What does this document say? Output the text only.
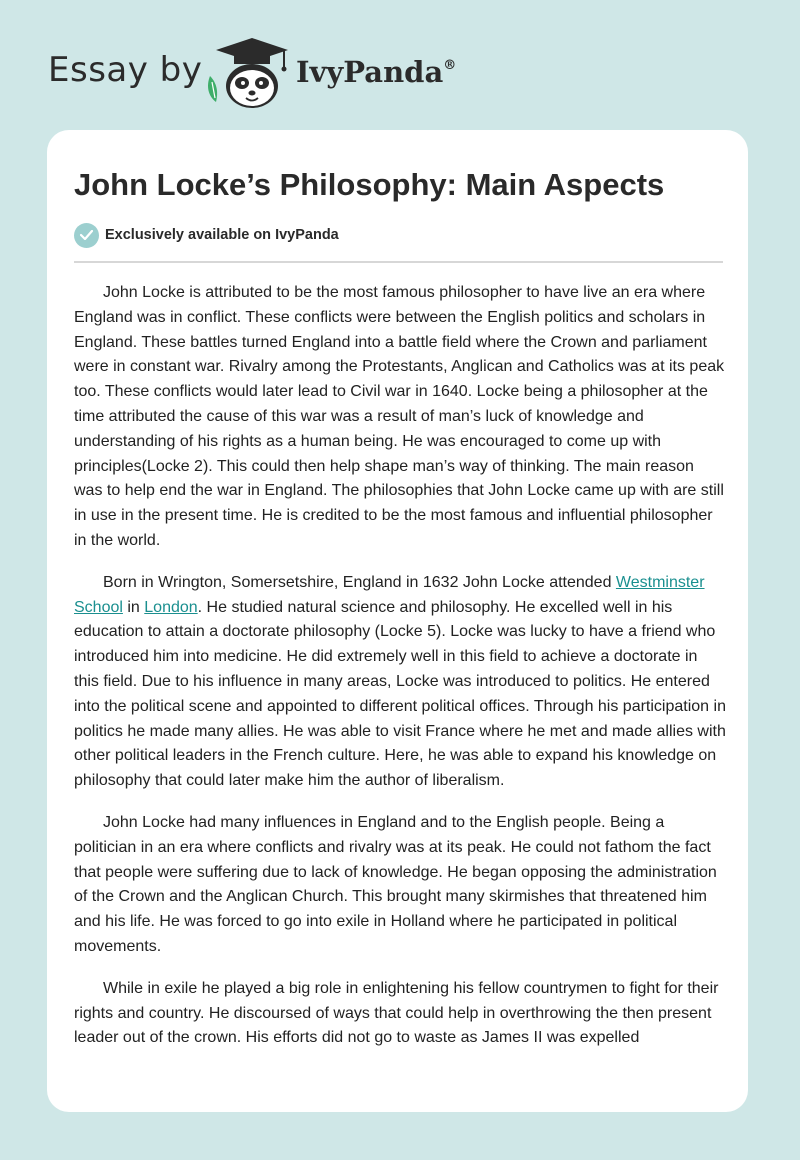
Essay by	IvyPanda®
John Locke’s Philosophy: Main Aspects
Exclusively available on IvyPanda

John Locke is attributed to be the most famous philosopher to have live an era where England was in conflict. These conflicts were between the English politics and scholars in England. These battles turned England into a battle field where the Crown and parliament were in constant war. Rivalry among the Protestants, Anglican and Catholics was at its peak too. These conflicts would later lead to Civil war in 1640. Locke being a philosopher at the time attributed the cause of this war was a result of man’s luck of knowledge and understanding of his rights as a human being. He was encouraged to come up with principles(Locke 2). This could then help shape man’s way of thinking. The main reason was to help end the war in England. The philosophies that John Locke came up with are still in use in the present time. He is credited to be the most famous and influential philosopher in the world.

Born in Wrington, Somersetshire, England in 1632 John Locke attended Westminster School in London. He studied natural science and philosophy. He excelled well in his education to attain a doctorate philosophy (Locke 5). Locke was lucky to have a friend who introduced him into medicine. He did extremely well in this field to achieve a doctorate in this field. Due to his influence in many areas, Locke was introduced to politics. He entered into the political scene and appointed to different political offices. Through his participation in politics he made many allies. He was able to visit France where he met and made allies with other political leaders in the French culture. Here, he was able to expand his knowledge on philosophy that could later make him the author of liberalism.

John Locke had many influences in England and to the English people. Being a politician in an era where conflicts and rivalry was at its peak. He could not fathom the fact that people were suffering due to lack of knowledge. He began opposing the administration of the Crown and the Anglican Church. This brought many skirmishes that threatened him and his life. He was forced to go into exile in Holland where he participated in political movements.

While in exile he played a big role in enlightening his fellow countrymen to fight for their rights and country. He discoursed of ways that could help in overthrowing the then present leader out of the crown. His efforts did not go to waste as James II was expelled
